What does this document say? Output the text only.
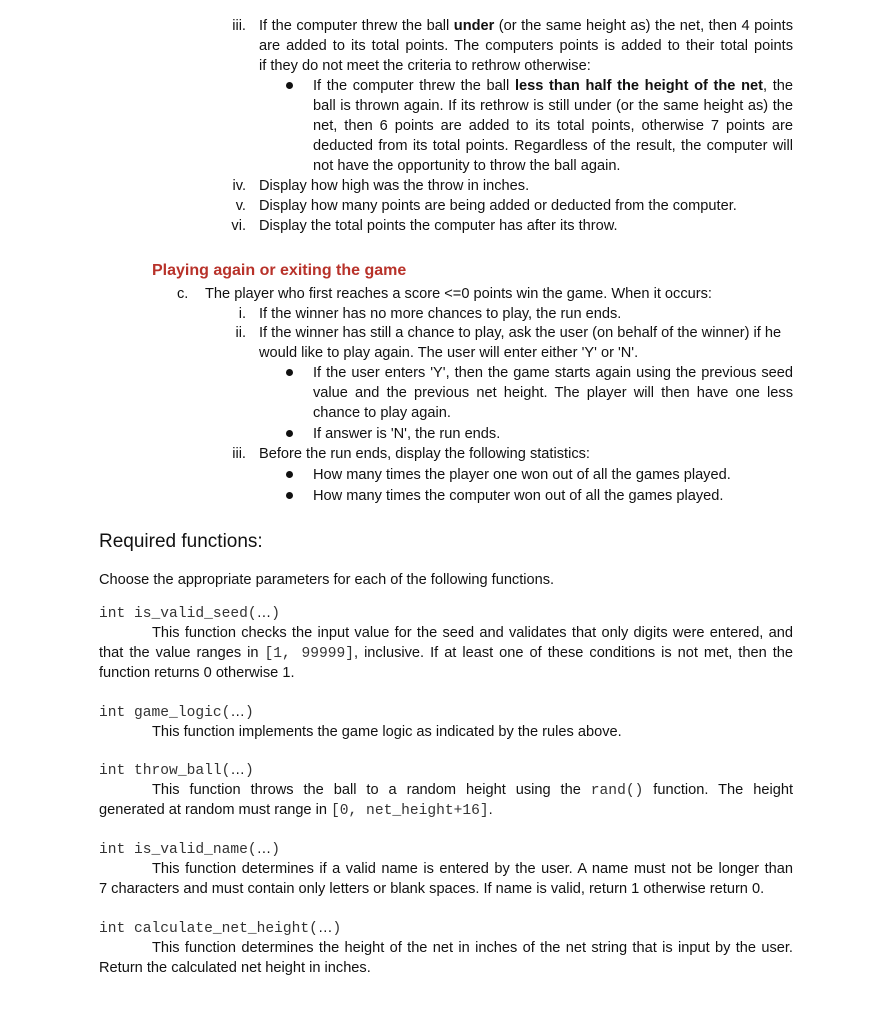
iii. If the computer threw the ball under (or the same height as) the net, then 4 points
are added to its total points. The computers points is added to their total points
if they do not meet the criteria to rethrow otherwise:
If the computer threw the ball less than half the height of the net, the
ball is thrown again. If its rethrow is still under (or the same height as) the
net, then 6 points are added to its total points, otherwise 7 points are
deducted from its total points. Regardless of the result, the computer will
not have the opportunity to throw the ball again.
iv. Display how high was the throw in inches.
v. Display how many points are being added or deducted from the computer.
vi. Display the total points the computer has after its throw.
Playing again or exiting the game
c. The player who first reaches a score <=0 points win the game. When it occurs:
i. If the winner has no more chances to play, the run ends.
ii. If the winner has still a chance to play, ask the user (on behalf of the winner) if he
would like to play again. The user will enter either 'Y' or 'N'.
If the user enters 'Y', then the game starts again using the previous seed
value and the previous net height. The player will then have one less
chance to play again.
If answer is 'N', the run ends.
iii. Before the run ends, display the following statistics:
How many times the player one won out of all the games played.
How many times the computer won out of all the games played.
Required functions:
Choose the appropriate parameters for each of the following functions.
int is_valid_seed(…)
This function checks the input value for the seed and validates that only digits were entered, and
that the value ranges in [1, 99999], inclusive. If at least one of these conditions is not met, then the
function returns 0 otherwise 1.
int game_logic(…)
This function implements the game logic as indicated by the rules above.
int throw_ball(…)
This function throws the ball to a random height using the rand() function. The height
generated at random must range in [0, net_height+16].
int is_valid_name(…)
This function determines if a valid name is entered by the user. A name must not be longer than
7 characters and must contain only letters or blank spaces. If name is valid, return 1 otherwise return 0.
int calculate_net_height(…)
This function determines the height of the net in inches of the net string that is input by the user.
Return the calculated net height in inches.
